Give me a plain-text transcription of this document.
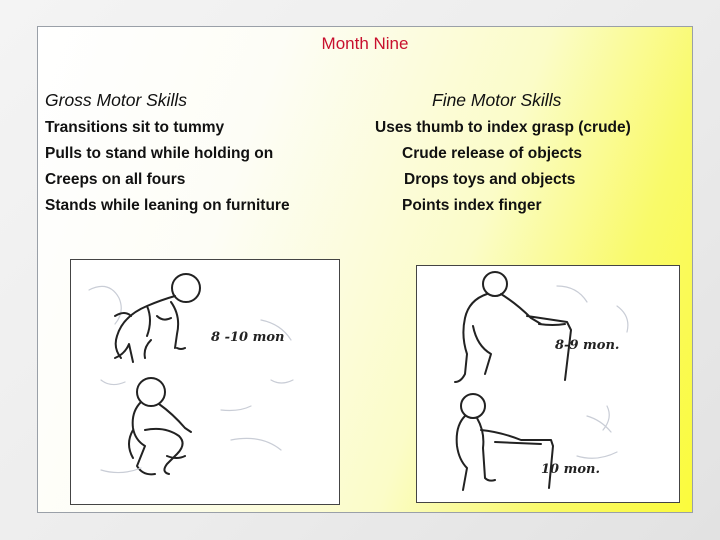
Month Nine
Gross Motor Skills	Fine Motor Skills
Transitions sit to tummy
Pulls to stand while holding on
Creeps on all fours
Stands while leaning on furniture
Uses thumb to index grasp (crude)
Crude release of objects
Drops toys and objects
Points index finger
8 -10 mon
8-9 mon.
10 mon.
